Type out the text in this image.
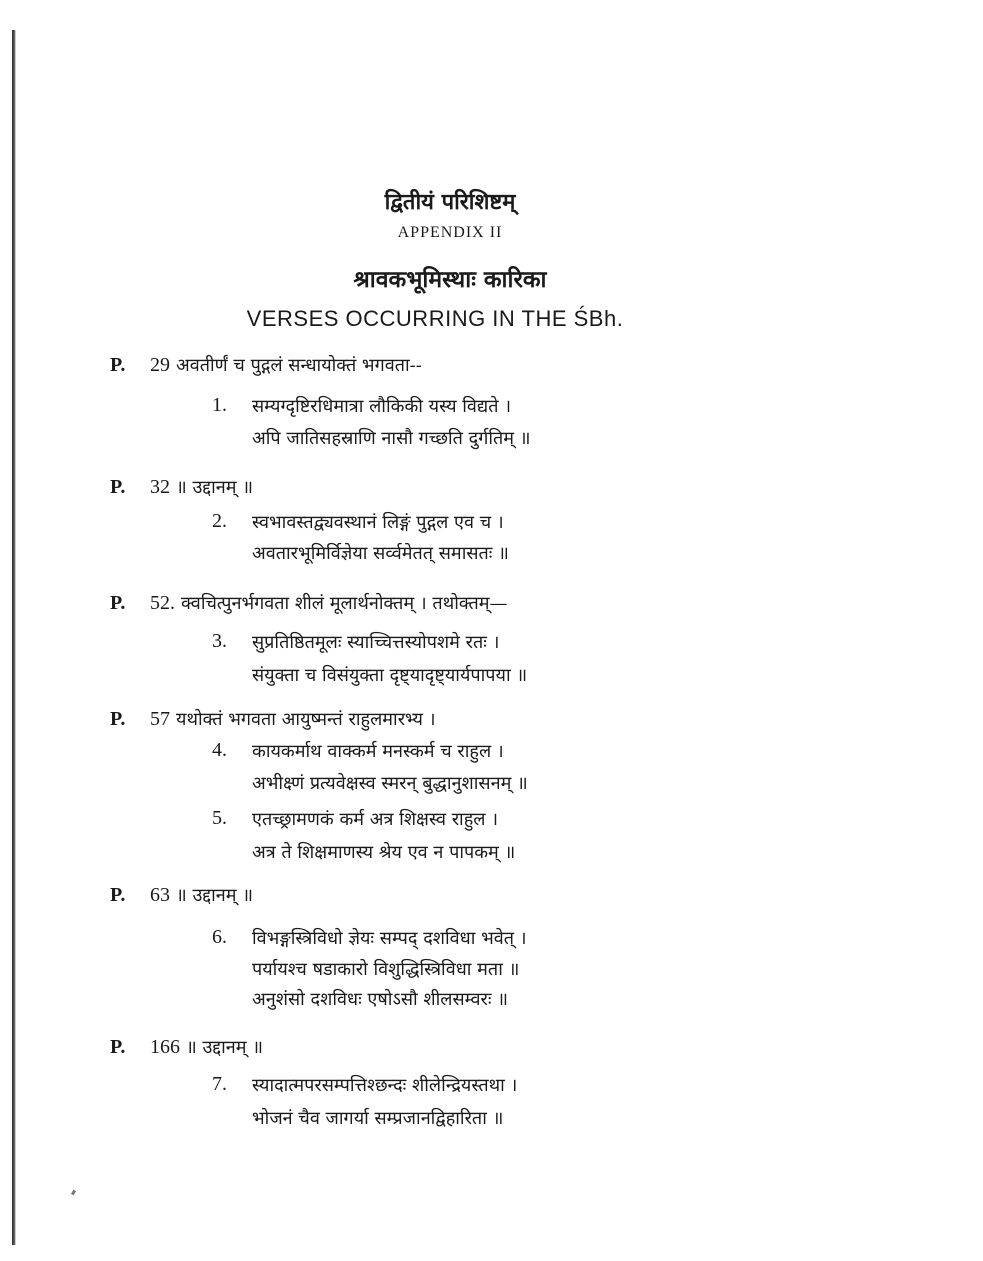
द्वितीयं परिशिष्टम्
APPENDIX II
श्रावकभूमिस्थाः कारिका
VERSES OCCURRING IN THE ŚBh.
P. 29 अवतीर्णं च पुद्गलं सन्धायोक्तं भगवता--
1. सम्यग्दृष्टिरधिमात्रा लौकिकी यस्य विद्यते ।
अपि जातिसहस्राणि नासौ गच्छति दुर्गतिम् ॥
P. 32 ॥ उद्दानम् ॥
2. स्वभावस्तद्व्यवस्थानं लिङ्गं पुद्गल एव च ।
अवतारभूमिर्विज्ञेया सर्व्वमेतत् समासतः ॥
P. 52. क्वचित्पुनर्भगवता शीलं मूलार्थनोक्तम् । तथोक्तम्—
3. सुप्रतिष्ठितमूलः स्याच्चित्तस्योपशमे रतः ।
संयुक्ता च विसंयुक्ता दृष्ट्यादृष्ट्यार्यपापया ॥
P. 57 यथोक्तं भगवता आयुष्मन्तं राहुलमारभ्य ।
4. कायकर्माथ वाक्कर्म मनस्कर्म च राहुल ।
अभीक्ष्णं प्रत्यवेक्षस्व स्मरन् बुद्धानुशासनम् ॥
5. एतच्छ्रामणकं कर्म अत्र शिक्षस्व राहुल ।
अत्र ते शिक्षमाणस्य श्रेय एव न पापकम् ॥
P. 63 ॥ उद्दानम् ॥
6. विभङ्गस्त्रिविधो ज्ञेयः सम्पद् दशविधा भवेत् ।
पर्यायश्च षडाकारो विशुद्धिस्त्रिविधा मता ॥
अनुशंसो दशविधः एषोऽसौ शीलसम्वरः ॥
P. 166 ॥ उद्दानम् ॥
7. स्यादात्मपरसम्पत्तिश्छन्दः शीलेन्द्रियस्तथा ।
भोजनं चैव जागर्या सम्प्रजानद्विहारिता ॥
